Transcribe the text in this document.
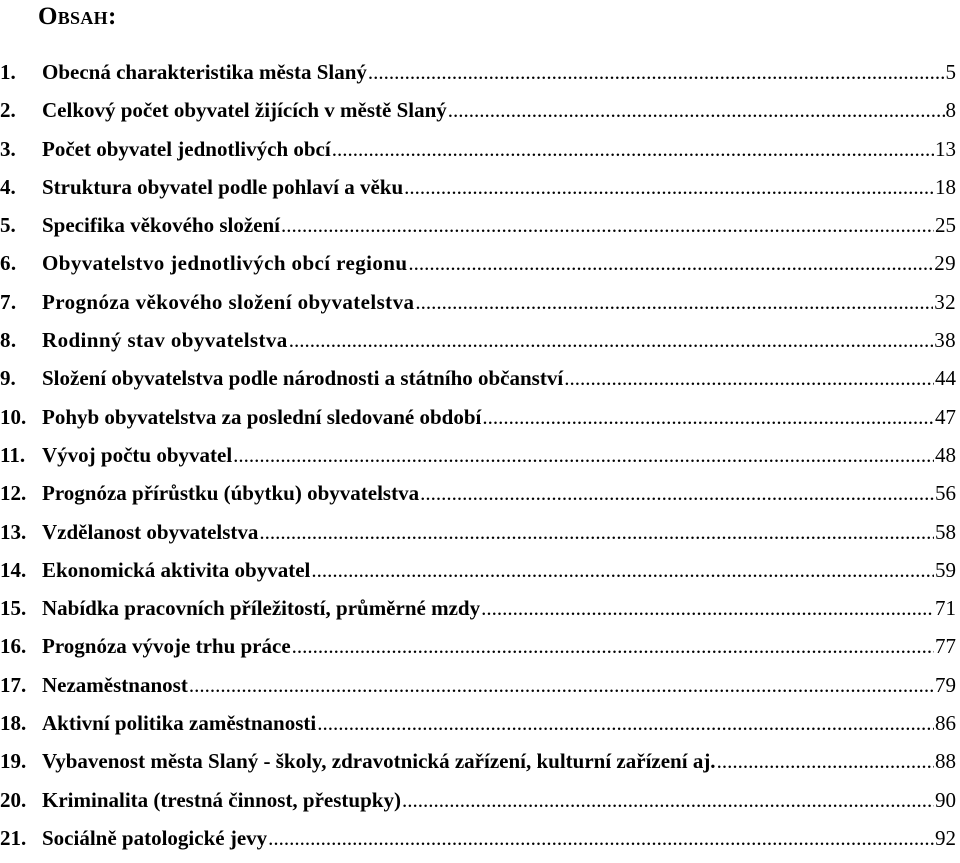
Obsah:
1.	Obecná charakteristika města Slaný .....	5
2.	Celkový počet obyvatel žijících v městě Slaný .....	8
3.	Počet obyvatel jednotlivých obcí .....	13
4.	Struktura obyvatel podle pohlaví a věku .....	18
5.	Specifika věkového složení .....	25
6.	Obyvatelstvo jednotlivých obcí regionu .....	29
7.	Prognóza věkového složení obyvatelstva .....	32
8.	Rodinný stav obyvatelstva .....	38
9.	Složení obyvatelstva podle národnosti a státního občanství .....	44
10. Pohyb obyvatelstva za poslední sledované období .....	47
11. Vývoj počtu obyvatel .....	48
12. Prognóza přírůstku (úbytku) obyvatelstva .....	56
13. Vzdělanost obyvatelstva .....	58
14. Ekonomická aktivita obyvatel .....	59
15. Nabídka pracovních příležitostí, průměrné mzdy .....	71
16. Prognóza vývoje trhu práce .....	77
17. Nezaměstnanost .....	79
18. Aktivní politika zaměstnanosti .....	86
19. Vybavenost města Slaný - školy, zdravotnická zařízení, kulturní zařízení aj. .....	88
20. Kriminalita (trestná činnost, přestupky) .....	90
21. Sociálně patologické jevy .....	92
